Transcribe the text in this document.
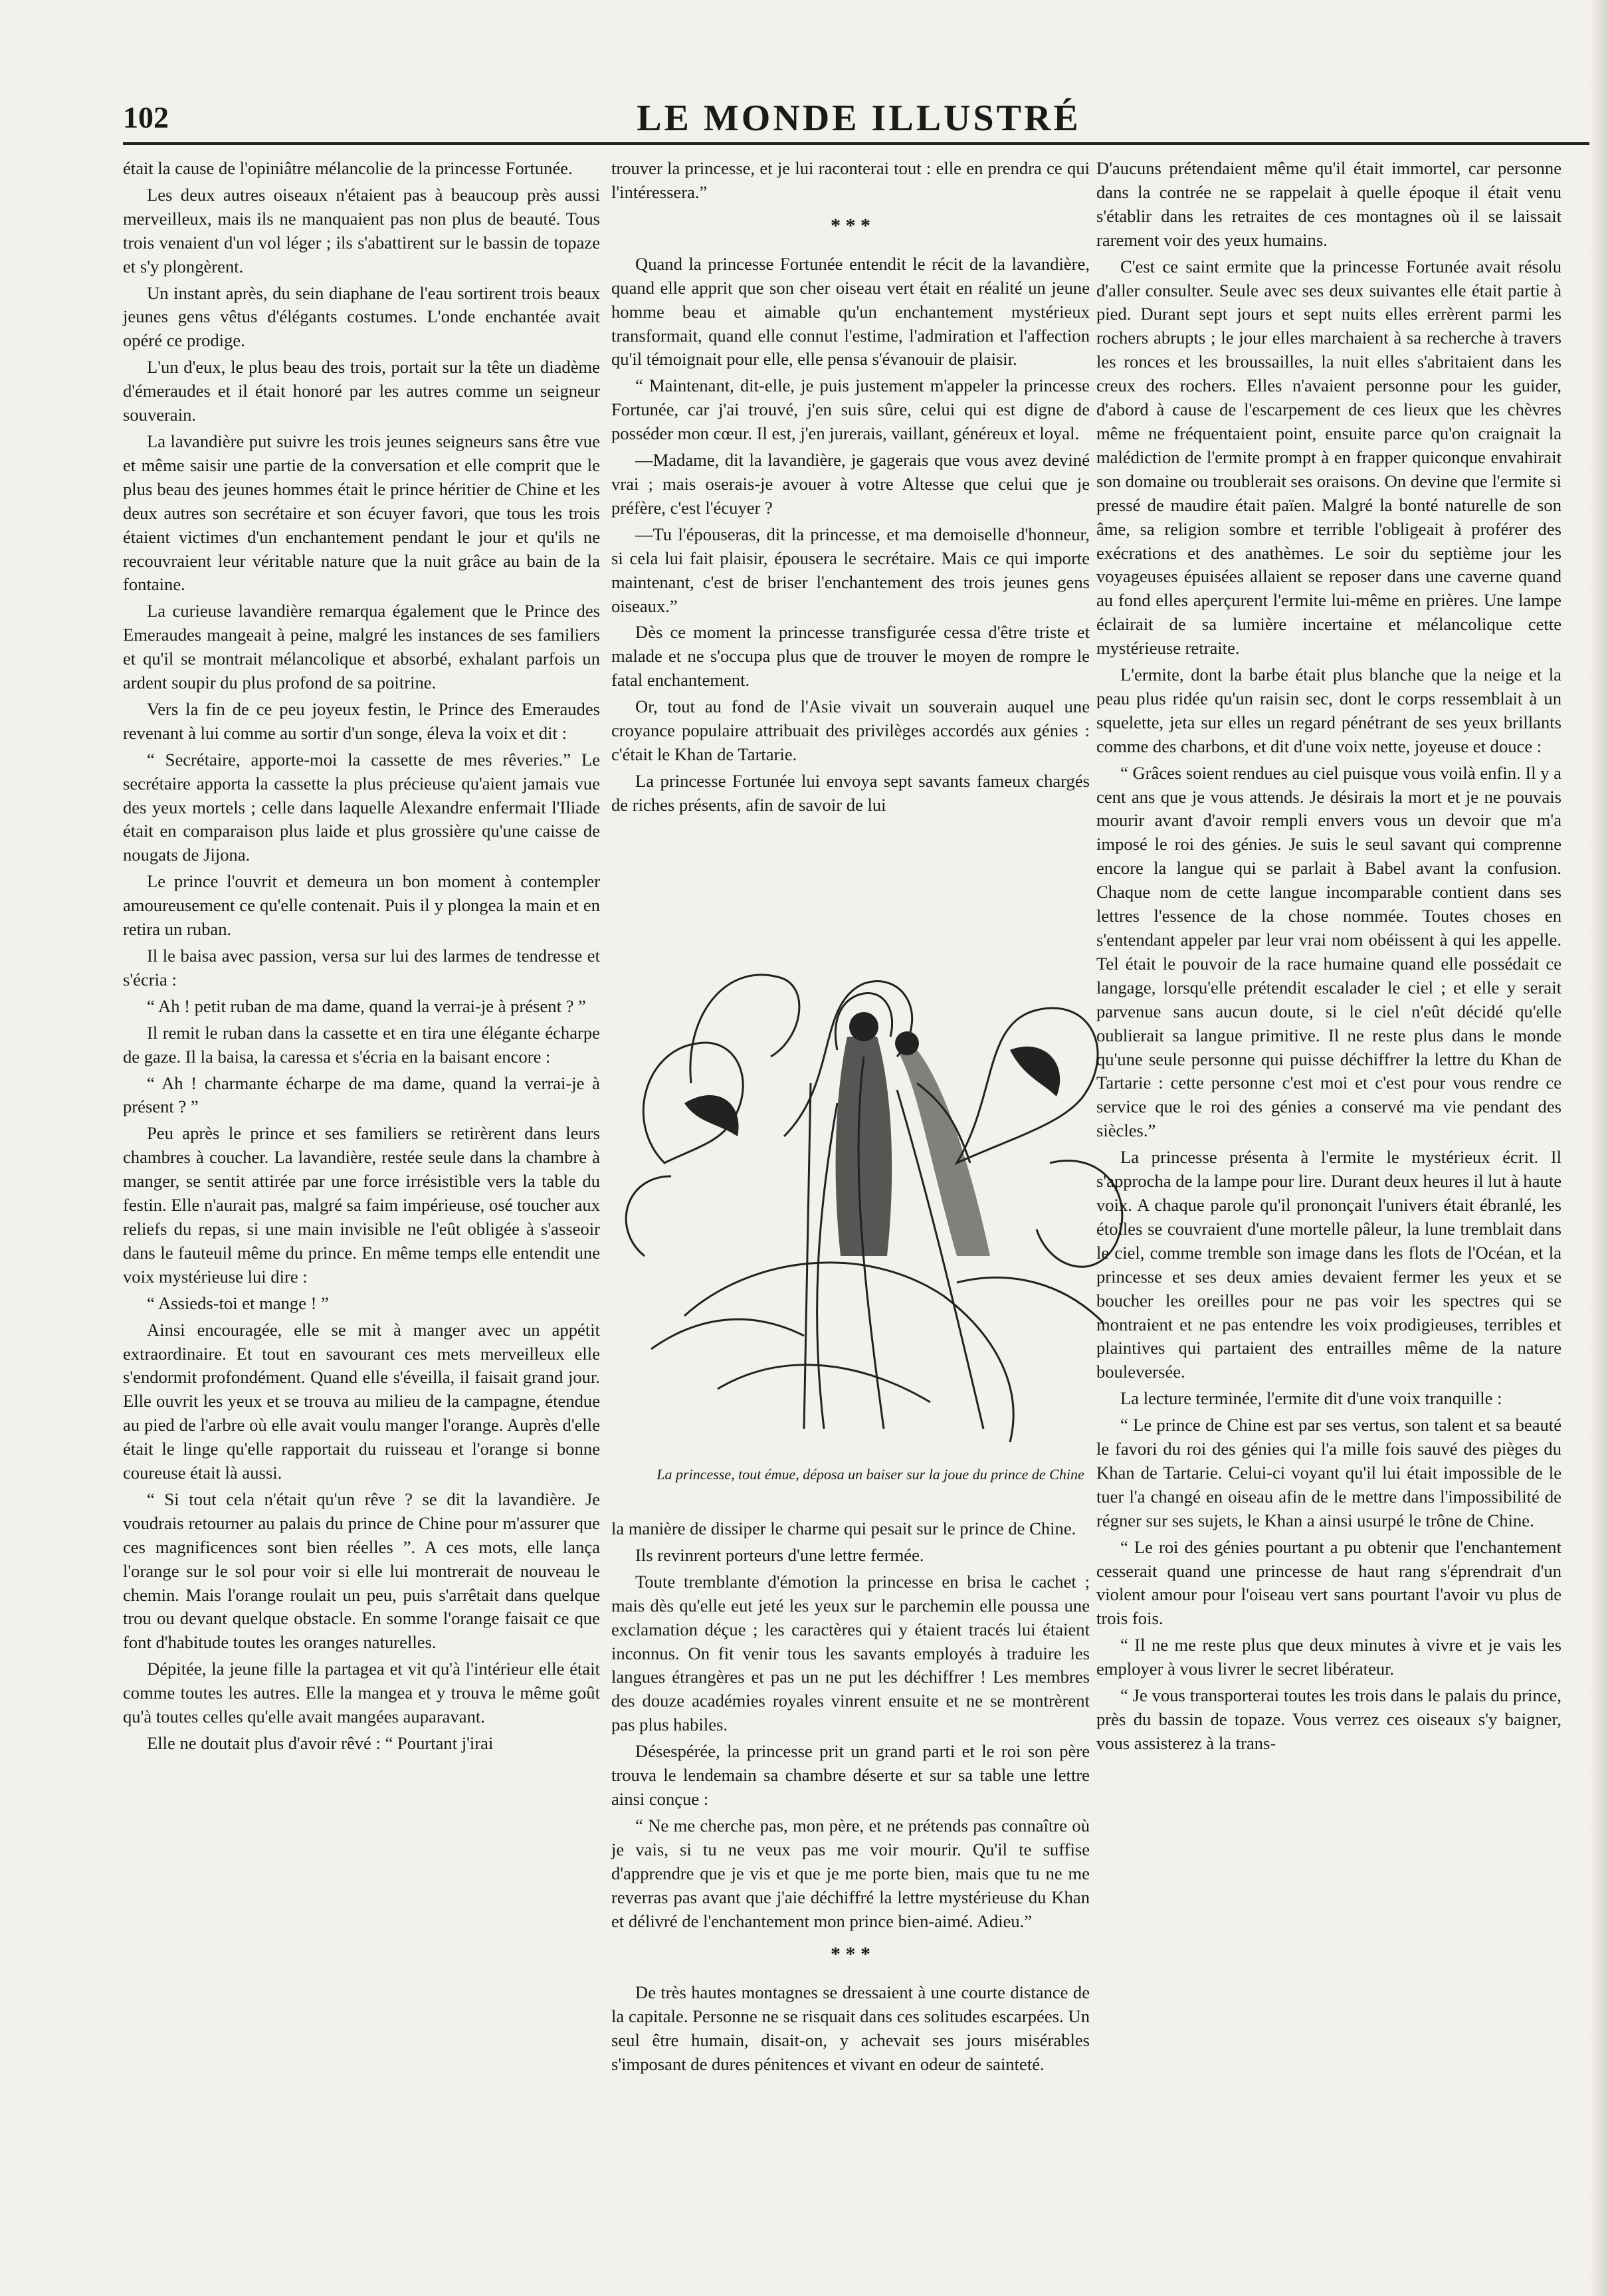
102	LE MONDE ILLUSTRÉ

était la cause de l'opiniâtre mélancolie de la princesse Fortunée.

Les deux autres oiseaux n'étaient pas à beaucoup près aussi merveilleux, mais ils ne manquaient pas non plus de beauté. Tous trois venaient d'un vol léger ; ils s'abattirent sur le bassin de topaze et s'y plongèrent.

Un instant après, du sein diaphane de l'eau sortirent trois beaux jeunes gens vêtus d'élégants costumes. L'onde enchantée avait opéré ce prodige.

L'un d'eux, le plus beau des trois, portait sur la tête un diadème d'émeraudes et il était honoré par les autres comme un seigneur souverain.

La lavandière put suivre les trois jeunes seigneurs sans être vue et même saisir une partie de la conversation et elle comprit que le plus beau des jeunes hommes était le prince héritier de Chine et les deux autres son secrétaire et son écuyer favori, que tous les trois étaient victimes d'un enchantement pendant le jour et qu'ils ne recouvraient leur véritable nature que la nuit grâce au bain de la fontaine.

La curieuse lavandière remarqua également que le Prince des Emeraudes mangeait à peine, malgré les instances de ses familiers et qu'il se montrait mélancolique et absorbé, exhalant parfois un ardent soupir du plus profond de sa poitrine.

Vers la fin de ce peu joyeux festin, le Prince des Emeraudes revenant à lui comme au sortir d'un songe, éleva la voix et dit :

“ Secrétaire, apporte-moi la cassette de mes rêveries.” Le secrétaire apporta la cassette la plus précieuse qu'aient jamais vue des yeux mortels ; celle dans laquelle Alexandre enfermait l'Iliade était en comparaison plus laide et plus grossière qu'une caisse de nougats de Jijona.

Le prince l'ouvrit et demeura un bon moment à contempler amoureusement ce qu'elle contenait. Puis il y plongea la main et en retira un ruban.

Il le baisa avec passion, versa sur lui des larmes de tendresse et s'écria :

“ Ah ! petit ruban de ma dame, quand la verrai-je à présent ? ”

Il remit le ruban dans la cassette et en tira une élégante écharpe de gaze. Il la baisa, la caressa et s'écria en la baisant encore :

“ Ah ! charmante écharpe de ma dame, quand la verrai-je à présent ? ”

Peu après le prince et ses familiers se retirèrent dans leurs chambres à coucher. La lavandière, restée seule dans la chambre à manger, se sentit attirée par une force irrésistible vers la table du festin. Elle n'aurait pas, malgré sa faim impérieuse, osé toucher aux reliefs du repas, si une main invisible ne l'eût obligée à s'asseoir dans le fauteuil même du prince. En même temps elle entendit une voix mystérieuse lui dire :

“ Assieds-toi et mange ! ”

Ainsi encouragée, elle se mit à manger avec un appétit extraordinaire. Et tout en savourant ces mets merveilleux elle s'endormit profondément. Quand elle s'éveilla, il faisait grand jour. Elle ouvrit les yeux et se trouva au milieu de la campagne, étendue au pied de l'arbre où elle avait voulu manger l'orange. Auprès d'elle était le linge qu'elle rapportait du ruisseau et l'orange si bonne coureuse était là aussi.

“ Si tout cela n'était qu'un rêve ? se dit la lavandière. Je voudrais retourner au palais du prince de Chine pour m'assurer que ces magnificences sont bien réelles ”. A ces mots, elle lança l'orange sur le sol pour voir si elle lui montrerait de nouveau le chemin. Mais l'orange roulait un peu, puis s'arrêtait dans quelque trou ou devant quelque obstacle. En somme l'orange faisait ce que font d'habitude toutes les oranges naturelles.

Dépitée, la jeune fille la partagea et vit qu'à l'intérieur elle était comme toutes les autres. Elle la mangea et y trouva le même goût qu'à toutes celles qu'elle avait mangées auparavant.

Elle ne doutait plus d'avoir rêvé : “ Pourtant j'irai

trouver la princesse, et je lui raconterai tout : elle en prendra ce qui l'intéressera.”

* * *

Quand la princesse Fortunée entendit le récit de la lavandière, quand elle apprit que son cher oiseau vert était en réalité un jeune homme beau et aimable qu'un enchantement mystérieux transformait, quand elle connut l'estime, l'admiration et l'affection qu'il témoignait pour elle, elle pensa s'évanouir de plaisir.

“ Maintenant, dit-elle, je puis justement m'appeler la princesse Fortunée, car j'ai trouvé, j'en suis sûre, celui qui est digne de posséder mon cœur. Il est, j'en jurerais, vaillant, généreux et loyal.

—Madame, dit la lavandière, je gagerais que vous avez deviné vrai ; mais oserais-je avouer à votre Altesse que celui que je préfère, c'est l'écuyer ?

—Tu l'épouseras, dit la princesse, et ma demoiselle d'honneur, si cela lui fait plaisir, épousera le secrétaire. Mais ce qui importe maintenant, c'est de briser l'enchantement des trois jeunes gens oiseaux.”

Dès ce moment la princesse transfigurée cessa d'être triste et malade et ne s'occupa plus que de trouver le moyen de rompre le fatal enchantement.

Or, tout au fond de l'Asie vivait un souverain auquel une croyance populaire attribuait des privilèges accordés aux génies : c'était le Khan de Tartarie.

La princesse Fortunée lui envoya sept savants fameux chargés de riches présents, afin de savoir de lui

La princesse, tout émue, déposa un baiser sur la joue du prince de Chine

la manière de dissiper le charme qui pesait sur le prince de Chine.

Ils revinrent porteurs d'une lettre fermée.

Toute tremblante d'émotion la princesse en brisa le cachet ; mais dès qu'elle eut jeté les yeux sur le parchemin elle poussa une exclamation déçue ; les caractères qui y étaient tracés lui étaient inconnus. On fit venir tous les savants employés à traduire les langues étrangères et pas un ne put les déchiffrer ! Les membres des douze académies royales vinrent ensuite et ne se montrèrent pas plus habiles.

Désespérée, la princesse prit un grand parti et le roi son père trouva le lendemain sa chambre déserte et sur sa table une lettre ainsi conçue :

“ Ne me cherche pas, mon père, et ne prétends pas connaître où je vais, si tu ne veux pas me voir mourir. Qu'il te suffise d'apprendre que je vis et que je me porte bien, mais que tu ne me reverras pas avant que j'aie déchiffré la lettre mystérieuse du Khan et délivré de l'enchantement mon prince bien-aimé. Adieu.”

* * *

De très hautes montagnes se dressaient à une courte distance de la capitale. Personne ne se risquait dans ces solitudes escarpées. Un seul être humain, disait-on, y achevait ses jours misérables s'imposant de dures pénitences et vivant en odeur de sainteté.

D'aucuns prétendaient même qu'il était immortel, car personne dans la contrée ne se rappelait à quelle époque il était venu s'établir dans les retraites de ces montagnes où il se laissait rarement voir des yeux humains.

C'est ce saint ermite que la princesse Fortunée avait résolu d'aller consulter. Seule avec ses deux suivantes elle était partie à pied. Durant sept jours et sept nuits elles errèrent parmi les rochers abrupts ; le jour elles marchaient à sa recherche à travers les ronces et les broussailles, la nuit elles s'abritaient dans les creux des rochers. Elles n'avaient personne pour les guider, d'abord à cause de l'escarpement de ces lieux que les chèvres même ne fréquentaient point, ensuite parce qu'on craignait la malédiction de l'ermite prompt à en frapper quiconque envahirait son domaine ou troublerait ses oraisons. On devine que l'ermite si pressé de maudire était païen. Malgré la bonté naturelle de son âme, sa religion sombre et terrible l'obligeait à proférer des exécrations et des anathèmes. Le soir du septième jour les voyageuses épuisées allaient se reposer dans une caverne quand au fond elles aperçurent l'ermite lui-même en prières. Une lampe éclairait de sa lumière incertaine et mélancolique cette mystérieuse retraite.

L'ermite, dont la barbe était plus blanche que la neige et la peau plus ridée qu'un raisin sec, dont le corps ressemblait à un squelette, jeta sur elles un regard pénétrant de ses yeux brillants comme des charbons, et dit d'une voix nette, joyeuse et douce :

“ Grâces soient rendues au ciel puisque vous voilà enfin. Il y a cent ans que je vous attends. Je désirais la mort et je ne pouvais mourir avant d'avoir rempli envers vous un devoir que m'a imposé le roi des génies. Je suis le seul savant qui comprenne encore la langue qui se parlait à Babel avant la confusion. Chaque nom de cette langue incomparable contient dans ses lettres l'essence de la chose nommée. Toutes choses en s'entendant appeler par leur vrai nom obéissent à qui les appelle. Tel était le pouvoir de la race humaine quand elle possédait ce langage, lorsqu'elle prétendit escalader le ciel ; et elle y serait parvenue sans aucun doute, si le ciel n'eût décidé qu'elle oublierait sa langue primitive. Il ne reste plus dans le monde qu'une seule personne qui puisse déchiffrer la lettre du Khan de Tartarie : cette personne c'est moi et c'est pour vous rendre ce service que le roi des génies a conservé ma vie pendant des siècles.”

La princesse présenta à l'ermite le mystérieux écrit. Il s'approcha de la lampe pour lire. Durant deux heures il lut à haute voix. A chaque parole qu'il prononçait l'univers était ébranlé, les étoiles se couvraient d'une mortelle pâleur, la lune tremblait dans le ciel, comme tremble son image dans les flots de l'Océan, et la princesse et ses deux amies devaient fermer les yeux et se boucher les oreilles pour ne pas voir les spectres qui se montraient et ne pas entendre les voix prodigieuses, terribles et plaintives qui partaient des entrailles même de la nature bouleversée.

La lecture terminée, l'ermite dit d'une voix tranquille :

“ Le prince de Chine est par ses vertus, son talent et sa beauté le favori du roi des génies qui l'a mille fois sauvé des pièges du Khan de Tartarie. Celui-ci voyant qu'il lui était impossible de le tuer l'a changé en oiseau afin de le mettre dans l'impossibilité de régner sur ses sujets, le Khan a ainsi usurpé le trône de Chine.

“ Le roi des génies pourtant a pu obtenir que l'enchantement cesserait quand une princesse de haut rang s'éprendrait d'un violent amour pour l'oiseau vert sans pourtant l'avoir vu plus de trois fois.

“ Il ne me reste plus que deux minutes à vivre et je vais les employer à vous livrer le secret libérateur.

“ Je vous transporterai toutes les trois dans le palais du prince, près du bassin de topaze. Vous verrez ces oiseaux s'y baigner, vous assisterez à la trans-
